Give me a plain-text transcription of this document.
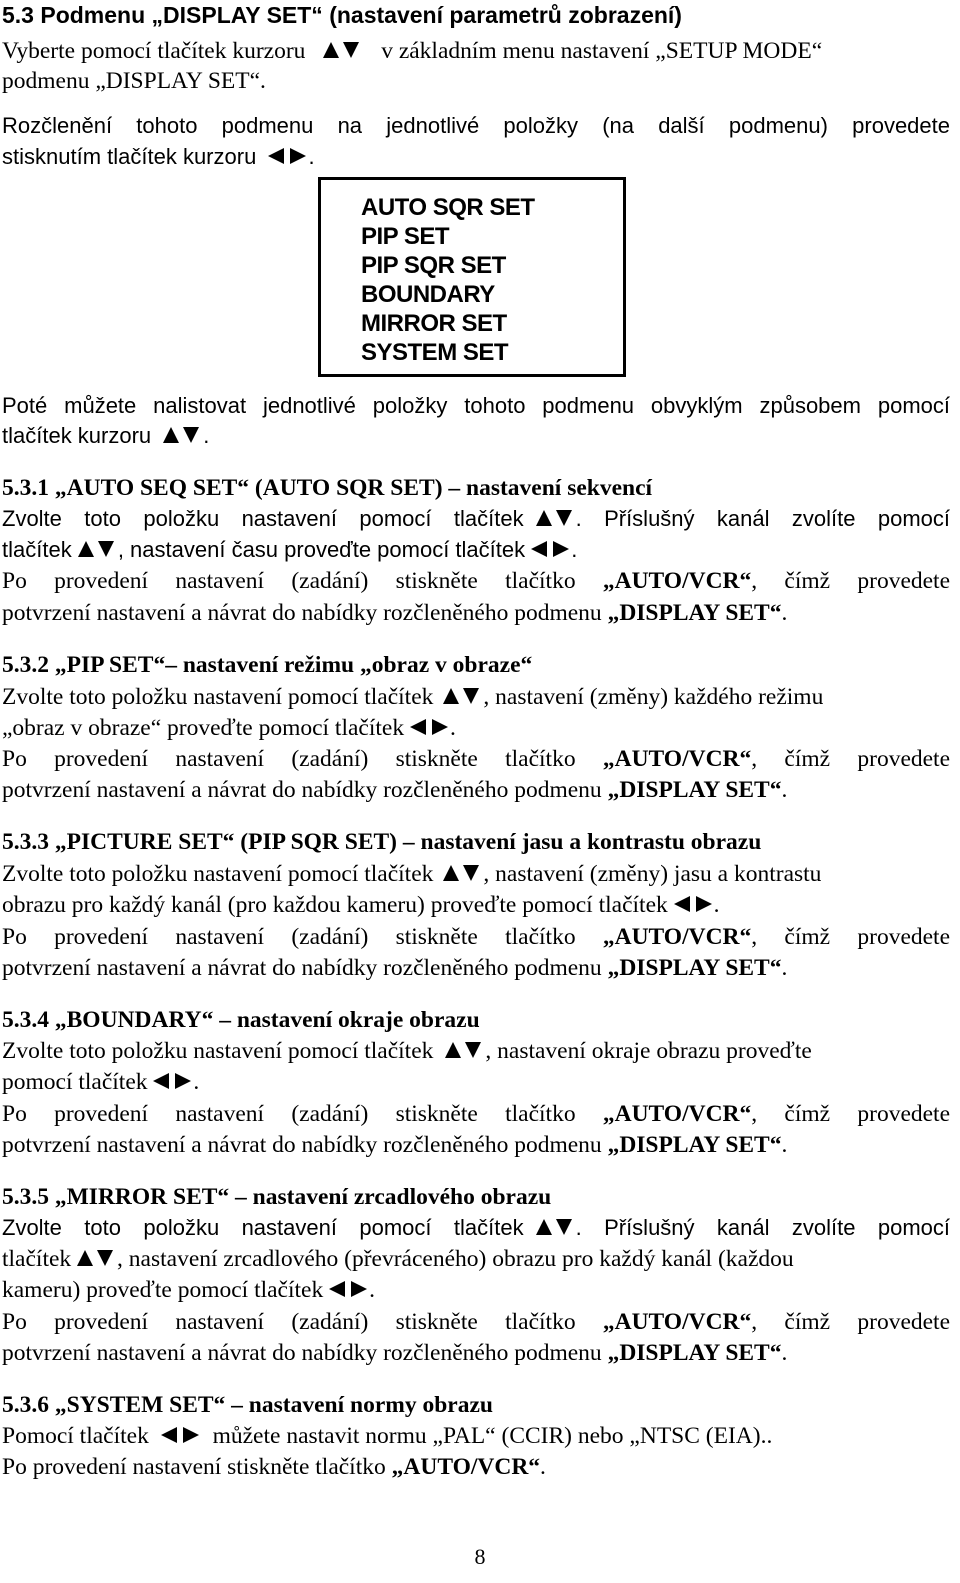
5.3 Podmenu „DISPLAY SET“ (nastavení parametrů zobrazení)
Vyberte pomocí tlačítek kurzoru	v základním menu nastavení „SETUP MODE“
podmenu „DISPLAY SET“.
Rozčlenění tohoto podmenu na jednotlivé položky (na další podmenu) provedete
stisknutím tlačítek kurzoru .
AUTO SQR SET
PIP SET
PIP SQR SET
BOUNDARY
MIRROR SET
SYSTEM SET
Poté můžete nalistovat jednotlivé položky tohoto podmenu obvyklým způsobem pomocí
tlačítek kurzoru .
5.3.1 „AUTO SEQ SET“ (AUTO SQR SET) – nastavení sekvencí
Zvolte toto položku nastavení pomocí tlačítek . Příslušný kanál zvolíte pomocí
tlačítek , nastavení času proveďte pomocí tlačítek .
Po provedení nastavení (zadání) stiskněte tlačítko „AUTO/VCR“, čímž provedete
potvrzení nastavení a návrat do nabídky rozčleněného podmenu „DISPLAY SET“.
5.3.2 „PIP SET“– nastavení režimu „obraz v obraze“
Zvolte toto položku nastavení pomocí tlačítek , nastavení (změny) každého režimu
„obraz v obraze“ proveďte pomocí tlačítek .
Po provedení nastavení (zadání) stiskněte tlačítko „AUTO/VCR“, čímž provedete
potvrzení nastavení a návrat do nabídky rozčleněného podmenu „DISPLAY SET“.
5.3.3 „PICTURE SET“ (PIP SQR SET) – nastavení jasu a kontrastu obrazu
Zvolte toto položku nastavení pomocí tlačítek , nastavení (změny) jasu a kontrastu
obrazu pro každý kanál (pro každou kameru) proveďte pomocí tlačítek .
Po provedení nastavení (zadání) stiskněte tlačítko „AUTO/VCR“, čímž provedete
potvrzení nastavení a návrat do nabídky rozčleněného podmenu „DISPLAY SET“.
5.3.4 „BOUNDARY“ – nastavení okraje obrazu
Zvolte toto položku nastavení pomocí tlačítek , nastavení okraje obrazu proveďte
pomocí tlačítek .
Po provedení nastavení (zadání) stiskněte tlačítko „AUTO/VCR“, čímž provedete
potvrzení nastavení a návrat do nabídky rozčleněného podmenu „DISPLAY SET“.
5.3.5 „MIRROR SET“ – nastavení zrcadlového obrazu
Zvolte toto položku nastavení pomocí tlačítek . Příslušný kanál zvolíte pomocí
tlačítek , nastavení zrcadlového (převráceného) obrazu pro každý kanál (každou
kameru) proveďte pomocí tlačítek .
Po provedení nastavení (zadání) stiskněte tlačítko „AUTO/VCR“, čímž provedete
potvrzení nastavení a návrat do nabídky rozčleněného podmenu „DISPLAY SET“.
5.3.6 „SYSTEM SET“ – nastavení normy obrazu
Pomocí tlačítek	můžete nastavit normu „PAL“ (CCIR) nebo „NTSC (EIA)..
Po provedení nastavení stiskněte tlačítko „AUTO/VCR“.
8
